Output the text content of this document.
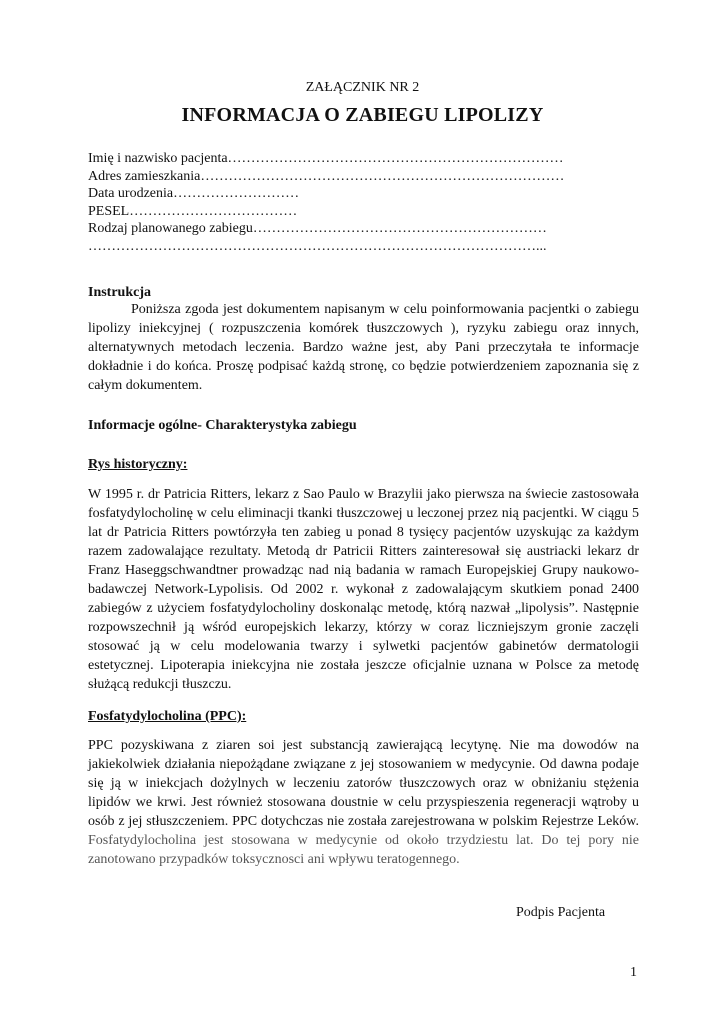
ZAŁĄCZNIK NR 2
INFORMACJA O ZABIEGU LIPOLIZY
Imię i nazwisko pacjenta………………………………………………………………
Adres zamieszkania……………………………………………………………………
Data urodzenia………………………
PESEL………………………………
Rodzaj planowanego zabiegu………………………………………………………
……………………………………………………………………………………...
Instrukcja
Poniższa zgoda jest dokumentem napisanym w celu poinformowania pacjentki o zabiegu lipolizy iniekcyjnej ( rozpuszczenia komórek tłuszczowych ), ryzyku zabiegu oraz innych, alternatywnych metodach leczenia. Bardzo ważne jest, aby Pani przeczytała te informacje dokładnie i do końca. Proszę podpisać każdą stronę, co będzie potwierdzeniem zapoznania się z całym dokumentem.
Informacje ogólne- Charakterystyka zabiegu
Rys historyczny:
W 1995 r. dr Patricia Ritters, lekarz z Sao Paulo w Brazylii jako pierwsza na świecie zastosowała fosfatydylocholinę w celu eliminacji tkanki tłuszczowej u leczonej przez nią pacjentki. W ciągu 5 lat dr Patricia Ritters powtórzyła ten zabieg u ponad 8 tysięcy pacjentów uzyskując za każdym razem zadowalające rezultaty. Metodą dr Patricii Ritters zainteresował się austriacki lekarz dr Franz Haseggschwandtner prowadząc nad nią badania w ramach Europejskiej Grupy naukowo-badawczej Network-Lypolisis. Od 2002 r. wykonał z zadowalającym skutkiem ponad 2400 zabiegów z użyciem fosfatydylocholiny doskonaląc metodę, którą nazwał „lipolysis”. Następnie rozpowszechnił ją wśród europejskich lekarzy, którzy w coraz liczniejszym gronie zaczęli stosować ją w celu modelowania twarzy i sylwetki pacjentów gabinetów dermatologii estetycznej. Lipoterapia iniekcyjna nie została jeszcze oficjalnie uznana w Polsce za metodę służącą redukcji tłuszczu.
Fosfatydylocholina (PPC):
PPC pozyskiwana z ziaren soi jest substancją zawierającą lecytynę. Nie ma dowodów na jakiekolwiek działania niepożądane związane z jej stosowaniem w medycynie. Od dawna podaje się ją w iniekcjach dożylnych w leczeniu zatorów tłuszczowych oraz w obniżaniu stężenia lipidów we krwi. Jest również stosowana doustnie w celu przyspieszenia regeneracji wątroby u osób z jej stłuszczeniem. PPC dotychczas nie została zarejestrowana w polskim Rejestrze Leków. Fosfatydylocholina jest stosowana w medycynie od około trzydziestu lat. Do tej pory nie zanotowano przypadków toksycznosci ani wpływu teratogennego.
Podpis Pacjenta
1
